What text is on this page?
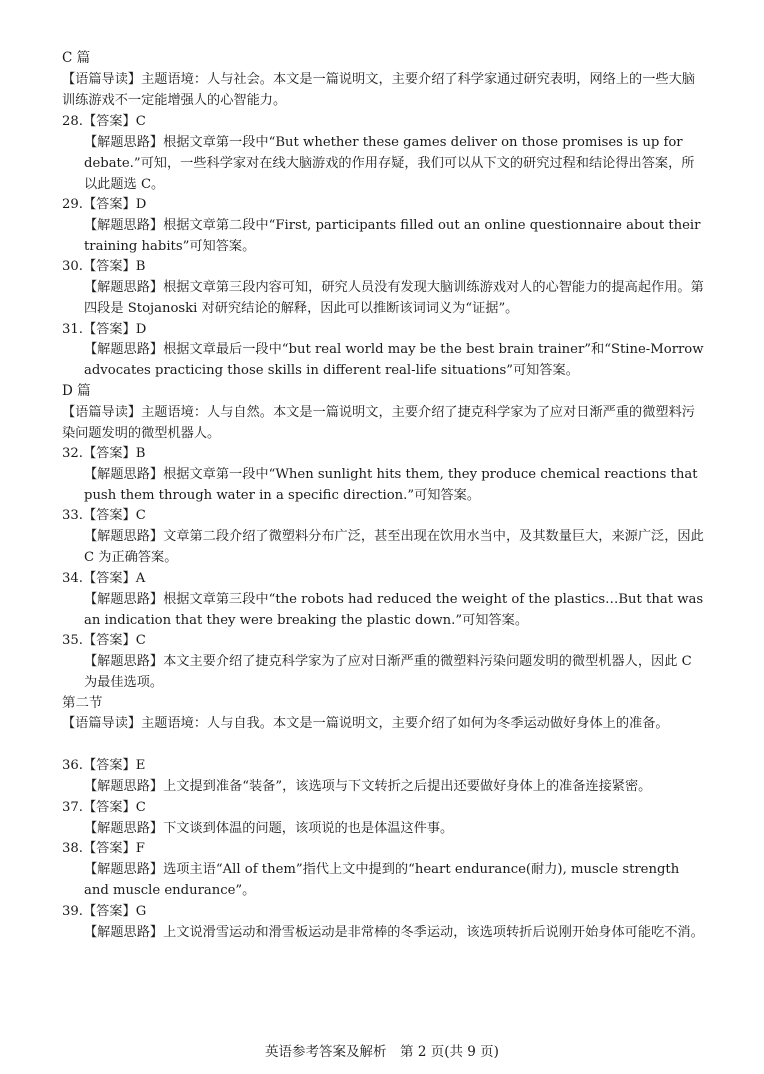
C 篇
【语篇导读】主题语境：人与社会。本文是一篇说明文，主要介绍了科学家通过研究表明，网络上的一些大脑训练游戏不一定能增强人的心智能力。
28.【答案】C
【解题思路】根据文章第一段中“But whether these games deliver on those promises is up for debate.”可知，一些科学家对在线大脑游戏的作用存疑，我们可以从下文的研究过程和结论得出答案，所以此题选 C。
29.【答案】D
【解题思路】根据文章第二段中“First, participants filled out an online questionnaire about their training habits”可知答案。
30.【答案】B
【解题思路】根据文章第三段内容可知，研究人员没有发现大脑训练游戏对人的心智能力的提高起作用。第四段是 Stojanoski 对研究结论的解释，因此可以推断该词词义为“证据”。
31.【答案】D
【解题思路】根据文章最后一段中“but real world may be the best brain trainer”和“Stine-Morrow advocates practicing those skills in different real-life situations”可知答案。
D 篇
【语篇导读】主题语境：人与自然。本文是一篇说明文，主要介绍了捷克科学家为了应对日渐严重的微塑料污染问题发明的微型机器人。
32.【答案】B
【解题思路】根据文章第一段中“When sunlight hits them, they produce chemical reactions that push them through water in a specific direction.”可知答案。
33.【答案】C
【解题思路】文章第二段介绍了微塑料分布广泛，甚至出现在饮用水当中，及其数量巨大，来源广泛，因此 C 为正确答案。
34.【答案】A
【解题思路】根据文章第三段中“the robots had reduced the weight of the plastics…But that was an indication that they were breaking the plastic down.”可知答案。
35.【答案】C
【解题思路】本文主要介绍了捷克科学家为了应对日渐严重的微塑料污染问题发明的微型机器人，因此 C 为最佳选项。
第二节
【语篇导读】主题语境：人与自我。本文是一篇说明文，主要介绍了如何为冬季运动做好身体上的准备。
36.【答案】E
【解题思路】上文提到准备“装备”，该选项与下文转折之后提出还要做好身体上的准备连接紧密。
37.【答案】C
【解题思路】下文谈到体温的问题，该项说的也是体温这件事。
38.【答案】F
【解题思路】选项主语“All of them”指代上文中提到的“heart endurance(耐力), muscle strength and muscle endurance”。
39.【答案】G
【解题思路】上文说滑雪运动和滑雪板运动是非常棒的冬季运动，该选项转折后说刚开始身体可能吃不消。
英语参考答案及解析　第 2 页(共 9 页)
